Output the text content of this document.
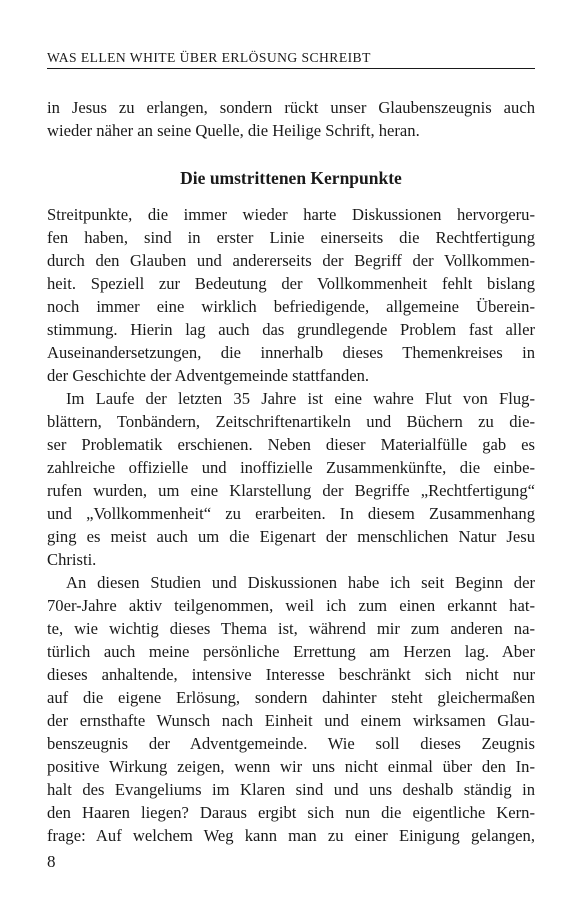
WAS ELLEN WHITE ÜBER ERLÖSUNG SCHREIBT
in Jesus zu erlangen, sondern rückt unser Glaubenszeugnis auch
wieder näher an seine Quelle, die Heilige Schrift, heran.
Die umstrittenen Kernpunkte
Streitpunkte, die immer wieder harte Diskussionen hervorgeru-
fen haben, sind in erster Linie einerseits die Rechtfertigung
durch den Glauben und andererseits der Begriff der Vollkommen-
heit. Speziell zur Bedeutung der Vollkommenheit fehlt bislang
noch immer eine wirklich befriedigende, allgemeine Überein-
stimmung. Hierin lag auch das grundlegende Problem fast aller
Auseinandersetzungen, die innerhalb dieses Themenkreises in
der Geschichte der Adventgemeinde stattfanden.
Im Laufe der letzten 35 Jahre ist eine wahre Flut von Flug-
blättern, Tonbändern, Zeitschriftenartikeln und Büchern zu die-
ser Problematik erschienen. Neben dieser Materialfülle gab es
zahlreiche offizielle und inoffizielle Zusammenkünfte, die einbe-
rufen wurden, um eine Klarstellung der Begriffe „Rechtfertigung“
und „Vollkommenheit“ zu erarbeiten. In diesem Zusammenhang
ging es meist auch um die Eigenart der menschlichen Natur Jesu
Christi.
An diesen Studien und Diskussionen habe ich seit Beginn der
70er-Jahre aktiv teilgenommen, weil ich zum einen erkannt hat-
te, wie wichtig dieses Thema ist, während mir zum anderen na-
türlich auch meine persönliche Errettung am Herzen lag. Aber
dieses anhaltende, intensive Interesse beschränkt sich nicht nur
auf die eigene Erlösung, sondern dahinter steht gleichermaßen
der ernsthafte Wunsch nach Einheit und einem wirksamen Glau-
benszeugnis der Adventgemeinde. Wie soll dieses Zeugnis
positive Wirkung zeigen, wenn wir uns nicht einmal über den In-
halt des Evangeliums im Klaren sind und uns deshalb ständig in
den Haaren liegen? Daraus ergibt sich nun die eigentliche Kern-
frage: Auf welchem Weg kann man zu einer Einigung gelangen,
8
